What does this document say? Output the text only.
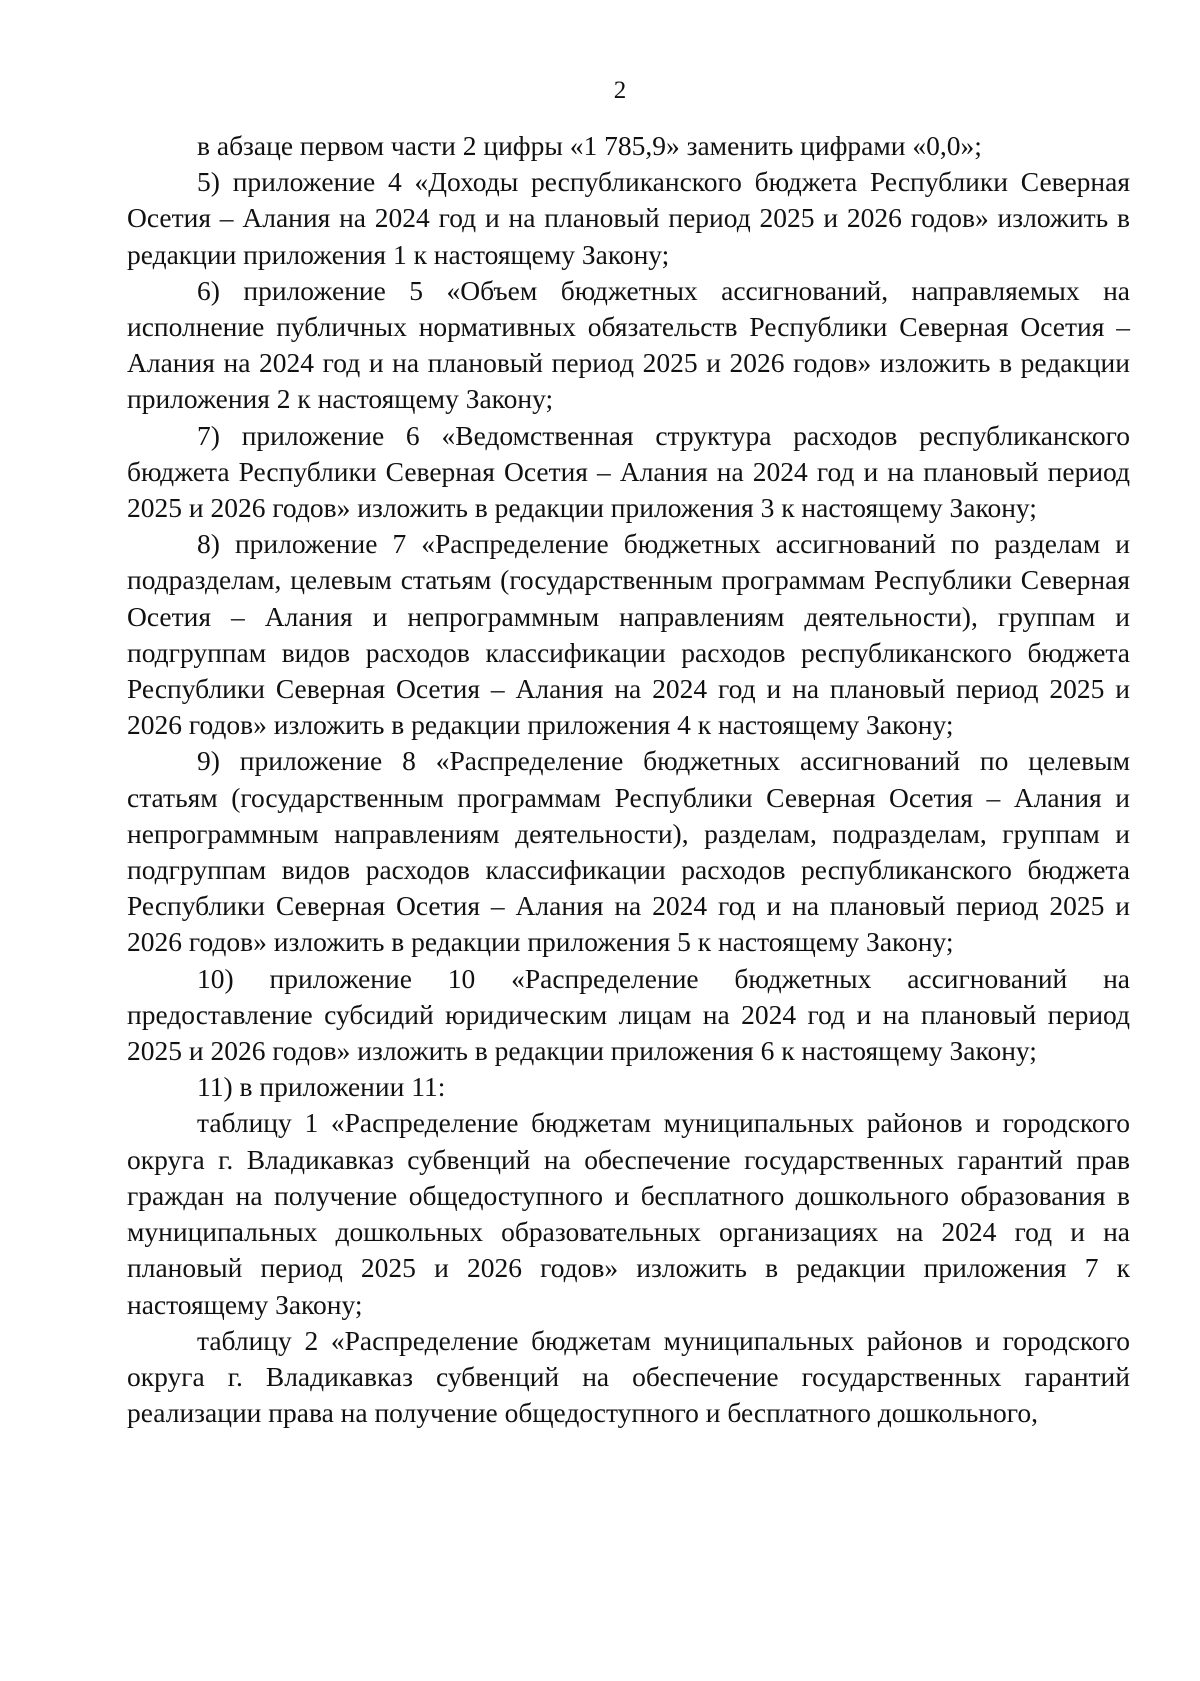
2

в абзаце первом части 2 цифры «1 785,9» заменить цифрами «0,0»;

5) приложение 4 «Доходы республиканского бюджета Республики Северная Осетия – Алания на 2024 год и на плановый период 2025 и 2026 годов» изложить в редакции приложения 1 к настоящему Закону;

6) приложение 5 «Объем бюджетных ассигнований, направляемых на исполнение публичных нормативных обязательств Республики Северная Осетия – Алания на 2024 год и на плановый период 2025 и 2026 годов» изложить в редакции приложения 2 к настоящему Закону;

7) приложение 6 «Ведомственная структура расходов республиканского бюджета Республики Северная Осетия – Алания на 2024 год и на плановый период 2025 и 2026 годов» изложить в редакции приложения 3 к настоящему Закону;

8) приложение 7 «Распределение бюджетных ассигнований по разделам и подразделам, целевым статьям (государственным программам Республики Северная Осетия – Алания и непрограммным направлениям деятельности), группам и подгруппам видов расходов классификации расходов республиканского бюджета Республики Северная Осетия – Алания на 2024 год и на плановый период 2025 и 2026 годов» изложить в редакции приложения 4 к настоящему Закону;

9) приложение 8 «Распределение бюджетных ассигнований по целевым статьям (государственным программам Республики Северная Осетия – Алания и непрограммным направлениям деятельности), разделам, подразделам, группам и подгруппам видов расходов классификации расходов республиканского бюджета Республики Северная Осетия – Алания на 2024 год и на плановый период 2025 и 2026 годов» изложить в редакции приложения 5 к настоящему Закону;

10) приложение 10 «Распределение бюджетных ассигнований на предоставление субсидий юридическим лицам на 2024 год и на плановый период 2025 и 2026 годов» изложить в редакции приложения 6 к настоящему Закону;

11) в приложении 11:

таблицу 1 «Распределение бюджетам муниципальных районов и городского округа г. Владикавказ субвенций на обеспечение государственных гарантий прав граждан на получение общедоступного и бесплатного дошкольного образования в муниципальных дошкольных образовательных организациях на 2024 год и на плановый период 2025 и 2026 годов» изложить в редакции приложения 7 к настоящему Закону;

таблицу 2 «Распределение бюджетам муниципальных районов и городского округа г. Владикавказ субвенций на обеспечение государственных гарантий реализации права на получение общедоступного и бесплатного дошкольного,
